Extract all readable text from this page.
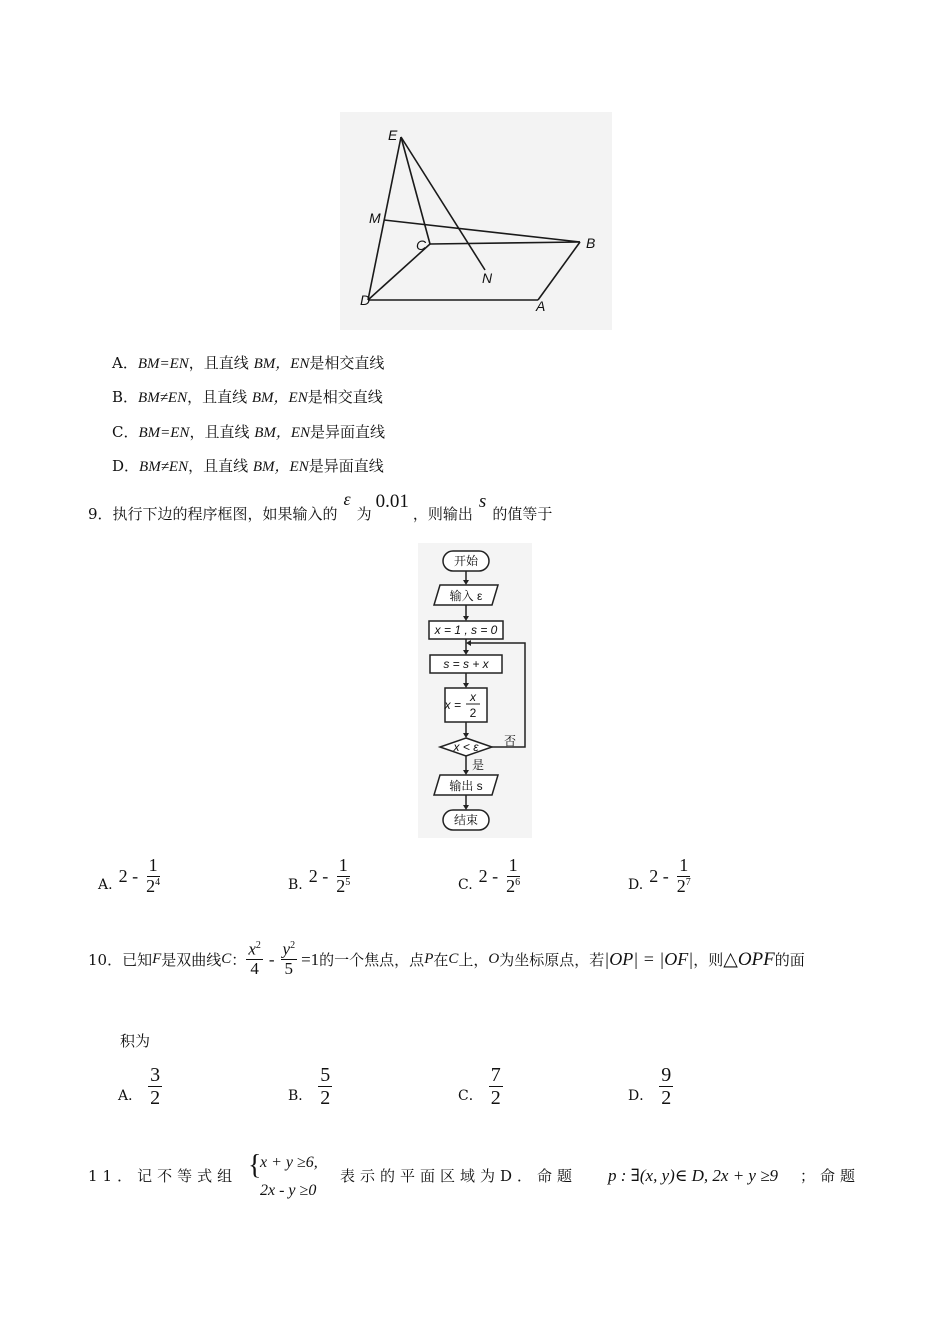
E
M
C	B
N
D	A
A．BM=EN，且直线 BM，EN是相交直线
B．BM≠EN，且直线 BM，EN是相交直线
C．BM=EN，且直线 BM，EN是异面直线
D．BM≠EN，且直线 BM，EN是异面直线
9．执行下边的程序框图，如果输入的ε为0.01，则输出s的值等于
开始
输入 ε
x = 1 , s = 0
s = s + x
x =
x
2
x < ε 否
是
输出 s
结束
A. $2 - \frac{1}{2^4}$	B. $2 - \frac{1}{2^5}$	C. $2 - \frac{1}{2^6}$	D. $2 - \frac{1}{2^7}$
10．已知 F 是双曲线 C ： $\frac{x^2}{4} - \frac{y^2}{5} =1$ 的一个焦点，点 P 在 C 上， O 为坐标原点，若 |OP| = |OF| ，则 △OPF 的面
积为
A． $\frac{3}{2}$	B． $\frac{5}{2}$	C． $\frac{7}{2}$	D． $\frac{9}{2}$
11．记不等式组 {
x + y ≥6,
2x - y ≥0
表示的平面区域为D．命题 p : ∃(x, y)∈ D, 2x + y ≥9 ；命题
